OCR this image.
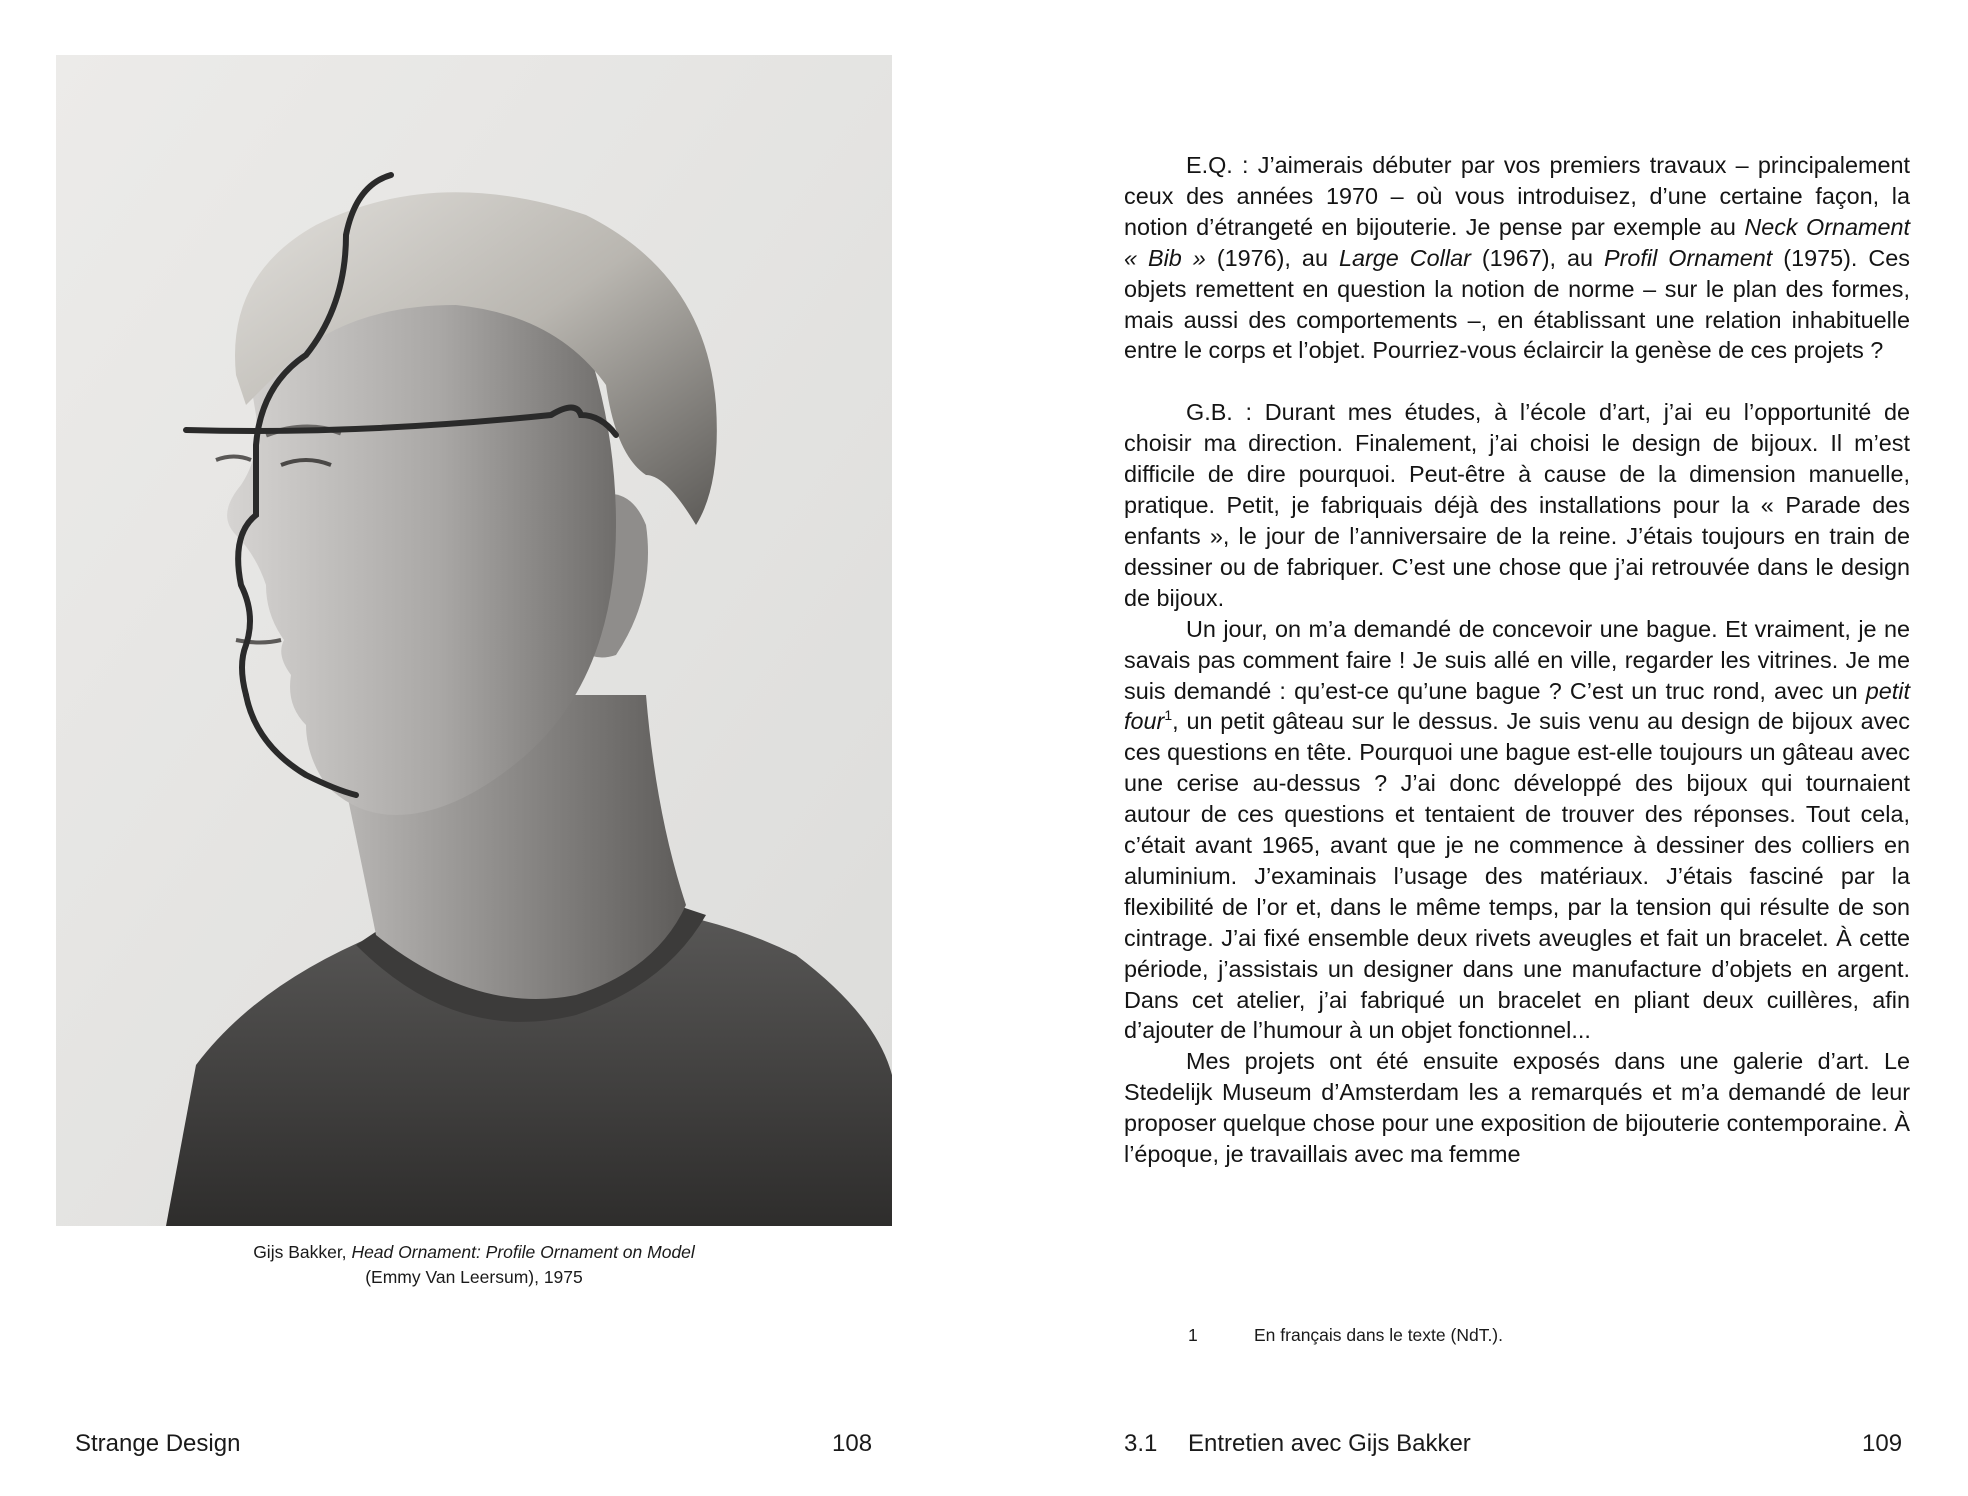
Gijs Bakker, Head Ornament: Profile Ornament on Model
(Emmy Van Leersum), 1975

E.Q. : J’aimerais débuter par vos premiers travaux – principalement ceux des années 1970 – où vous introduisez, d’une certaine façon, la notion d’étrangeté en bijouterie. Je pense par exemple au Neck Ornament « Bib » (1976), au Large Collar (1967), au Profil Ornament (1975). Ces objets remettent en question la notion de norme – sur le plan des formes, mais aussi des comportements –, en établissant une relation inhabituelle entre le corps et l’objet. Pourriez-vous éclaircir la genèse de ces projets ?

G.B. : Durant mes études, à l’école d’art, j’ai eu l’opportunité de choisir ma direction. Finalement, j’ai choisi le design de bijoux. Il m’est difficile de dire pourquoi. Peut-être à cause de la dimension manuelle, pratique. Petit, je fabriquais déjà des installations pour la « Parade des enfants », le jour de l’anniversaire de la reine. J’étais toujours en train de dessiner ou de fabriquer. C’est une chose que j’ai retrouvée dans le design de bijoux.

Un jour, on m’a demandé de concevoir une bague. Et vraiment, je ne savais pas comment faire ! Je suis allé en ville, regarder les vitrines. Je me suis demandé : qu’est-ce qu’une bague ? C’est un truc rond, avec un petit four$^1$, un petit gâteau sur le dessus. Je suis venu au design de bijoux avec ces questions en tête. Pourquoi une bague est-elle toujours un gâteau avec une cerise au-dessus ? J’ai donc développé des bijoux qui tournaient autour de ces questions et tentaient de trouver des réponses. Tout cela, c’était avant 1965, avant que je ne commence à dessiner des colliers en aluminium. J’examinais l’usage des matériaux. J’étais fasciné par la flexibilité de l’or et, dans le même temps, par la tension qui résulte de son cintrage. J’ai fixé ensemble deux rivets aveugles et fait un bracelet. À cette période, j’assistais un designer dans une manufacture d’objets en argent. Dans cet atelier, j’ai fabriqué un bracelet en pliant deux cuillères, afin d’ajouter de l’humour à un objet fonctionnel...

Mes projets ont été ensuite exposés dans une galerie d’art. Le Stedelijk Museum d’Amsterdam les a remarqués et m’a demandé de leur proposer quelque chose pour une exposition de bijouterie contemporaine. À l’époque, je travaillais avec ma femme

1	En français dans le texte (NdT.).
Strange Design	108	3.1 Entretien avec Gijs Bakker	109
